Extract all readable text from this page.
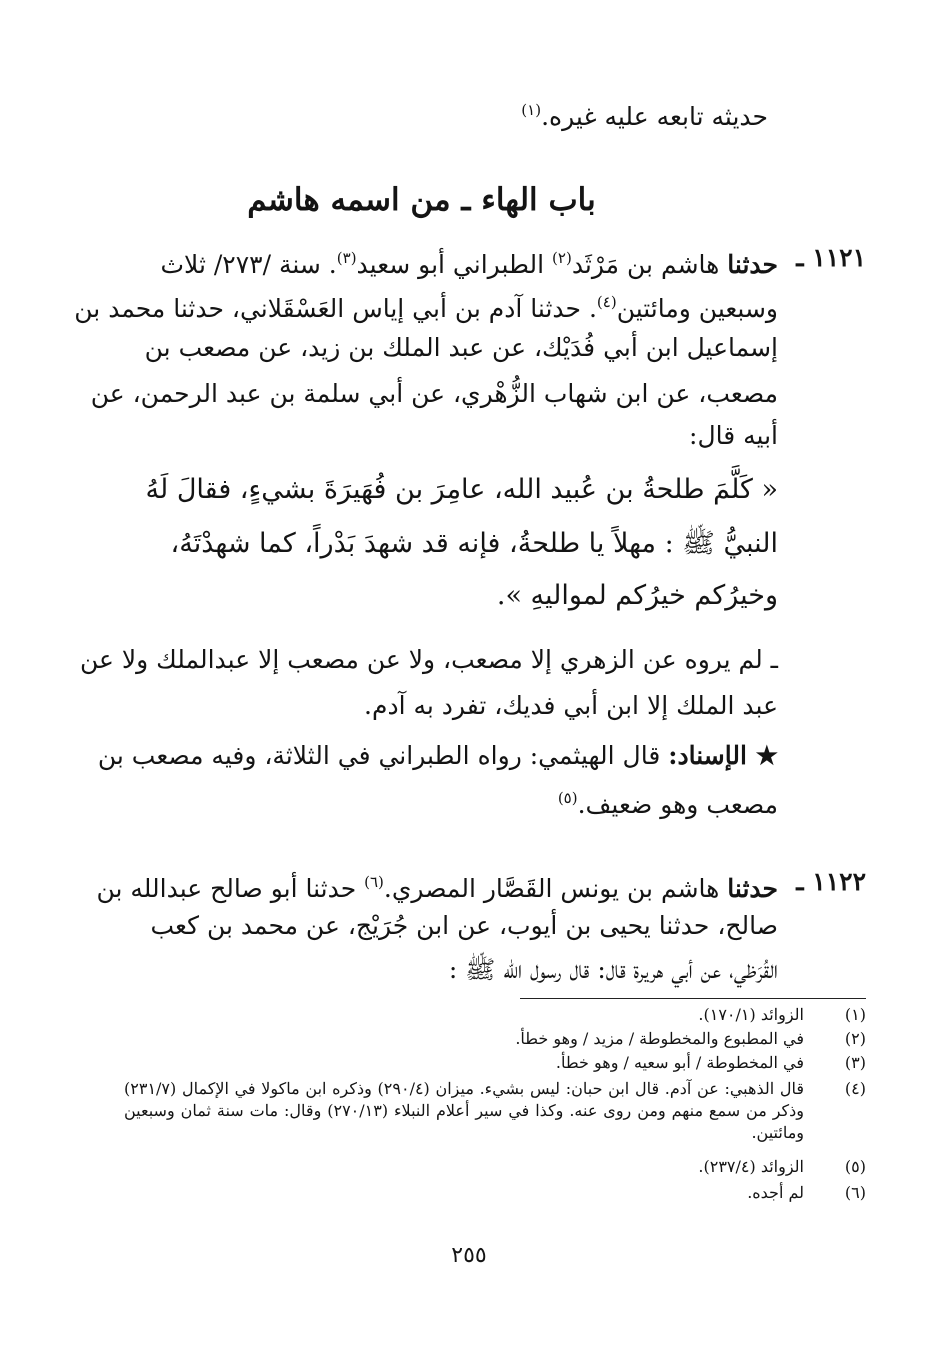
حديثه تابعه عليه غيره.$^{(١)}$
باب الهاء ـ من اسمه هاشم
١١٢١ ـ
حدثنا هاشم بن مَرْثَد$^{(٢)}$ الطبراني أبو سعيد$^{(٣)}$. سنة /٢٧٣/ ثلاث
وسبعين ومائتين$^{(٤)}$. حدثنا آدم بن أبي إياس العَسْقَلاني، حدثنا محمد بن
إسماعيل ابن أبي فُدَيْك، عن عبد الملك بن زيد، عن مصعب بن
مصعب، عن ابن شهاب الزُّهْري، عن أبي سلمة بن عبد الرحمن، عن
أبيه قال:
« كَلَّمَ طلحةُ بن عُبيد الله، عامِرَ بن فُهَيرَةَ بشيءٍ، فقالَ لَهُ
النبيُّ ﷺ : مهلاً يا طلحةُ، فإنه قد شهدَ بَدْراً، كما شهدْتَهُ،
وخيرُكم خيرُكم لمواليهِ ».
ـ لم يروه عن الزهري إلا مصعب، ولا عن مصعب إلا عبدالملك ولا عن
عبد الملك إلا ابن أبي فديك، تفرد به آدم.
★ الإسناد: قال الهيثمي: رواه الطبراني في الثلاثة، وفيه مصعب بن
مصعب وهو ضعيف.$^{(٥)}$
١١٢٢ ـ
حدثنا هاشم بن يونس القَصَّار المصري.$^{(٦)}$ حدثنا أبو صالح عبدالله بن
صالح، حدثنا يحيى بن أيوب، عن ابن جُرَيْج، عن محمد بن كعب
القُرَظي، عن أبي هريرة قال: قال رسول الله ﷺ :
(١)
الزوائد (١٧٠/١).
(٢)
في المطبوع والمخطوطة / مزيد / وهو خطأ.
(٣)
في المخطوطة / أبو سعيه / وهو خطأ.
(٤)
قال الذهبي: عن آدم. قال ابن حبان: ليس بشيء. ميزان (٢٩٠/٤) وذكره ابن ماكولا في الإكمال (٢٣١/٧) وذكر من سمع منهم ومن روى عنه. وكذا في سير أعلام النبلاء (٢٧٠/١٣) وقال: مات سنة ثمان وسبعين ومائتين.
(٥)
الزوائد (٢٣٧/٤).
(٦)
لم أجده.
٢٥٥
